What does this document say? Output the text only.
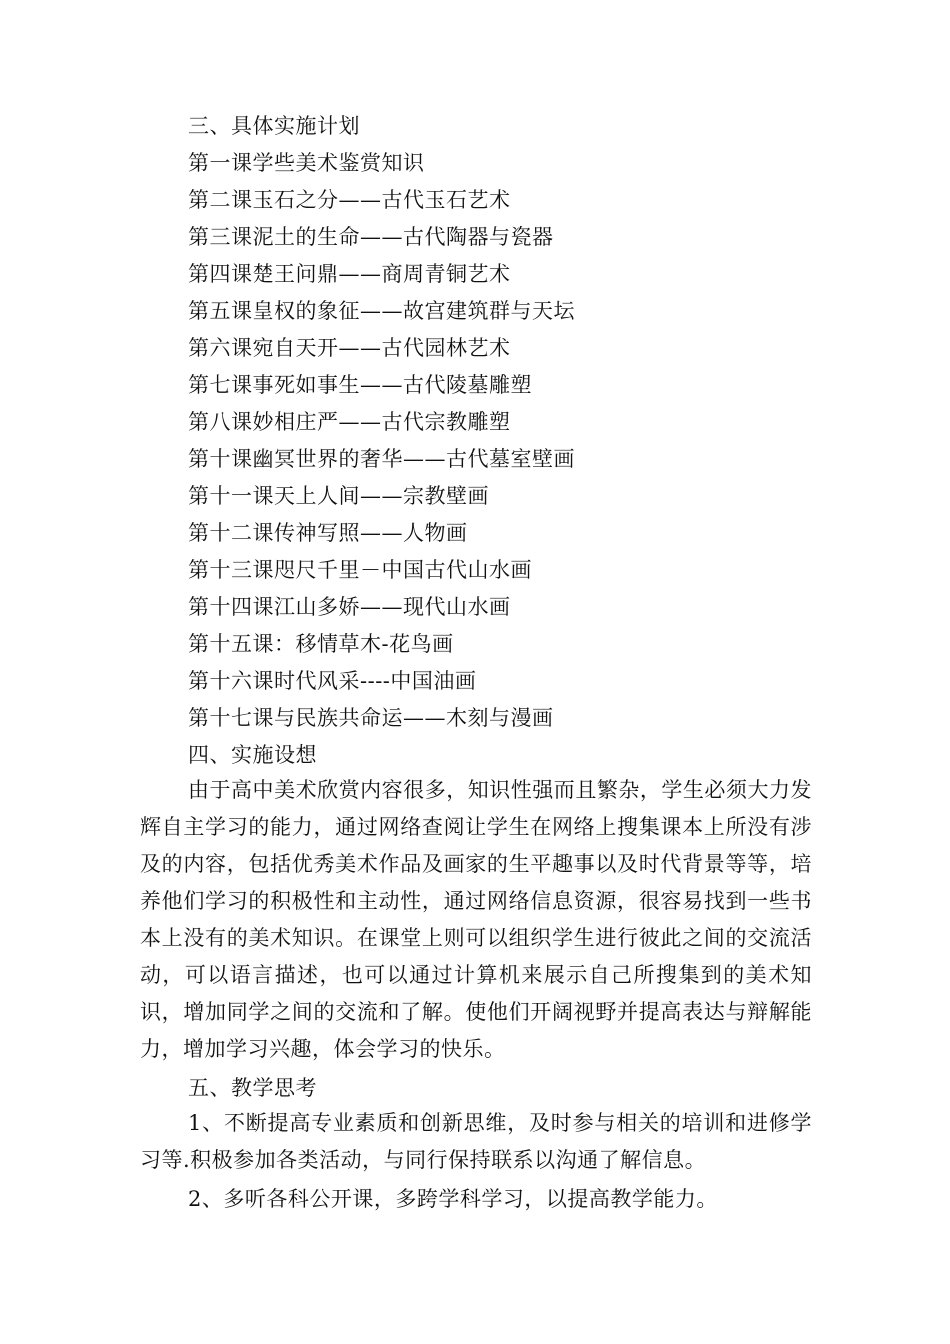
三、具体实施计划
第一课学些美术鉴赏知识
第二课玉石之分——古代玉石艺术
第三课泥土的生命——古代陶器与瓷器
第四课楚王问鼎——商周青铜艺术
第五课皇权的象征——故宫建筑群与天坛
第六课宛自天开——古代园林艺术
第七课事死如事生——古代陵墓雕塑
第八课妙相庄严——古代宗教雕塑
第十课幽冥世界的奢华——古代墓室壁画
第十一课天上人间——宗教壁画
第十二课传神写照——人物画
第十三课咫尺千里－中国古代山水画
第十四课江山多娇——现代山水画
第十五课：移情草木-花鸟画
第十六课时代风采----中国油画
第十七课与民族共命运——木刻与漫画
四、实施设想
由于高中美术欣赏内容很多，知识性强而且繁杂，学生必须大力发辉自主学习的能力，通过网络查阅让学生在网络上搜集课本上所没有涉及的内容，包括优秀美术作品及画家的生平趣事以及时代背景等等，培养他们学习的积极性和主动性，通过网络信息资源，很容易找到一些书本上没有的美术知识。在课堂上则可以组织学生进行彼此之间的交流活动，可以语言描述，也可以通过计算机来展示自己所搜集到的美术知识，增加同学之间的交流和了解。使他们开阔视野并提高表达与辩解能力，增加学习兴趣，体会学习的快乐。
五、教学思考
1、不断提高专业素质和创新思维，及时参与相关的培训和进修学习等.积极参加各类活动，与同行保持联系以沟通了解信息。
2、多听各科公开课，多跨学科学习，以提高教学能力。
